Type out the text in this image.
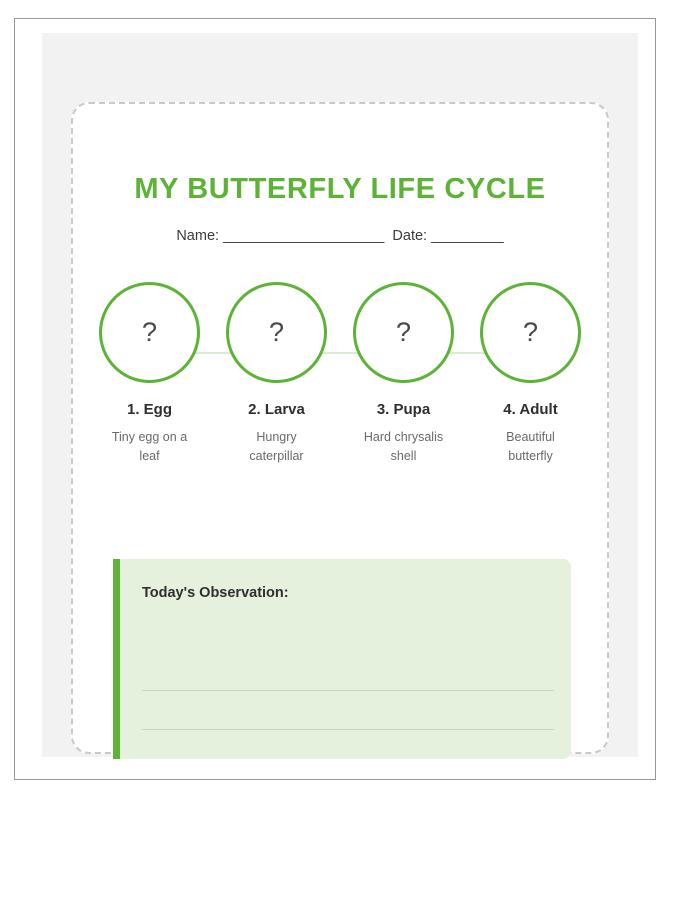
MY BUTTERFLY LIFE CYCLE
Name: ____________________  Date: _________
?
1. Egg
Tiny egg on a leaf
?
2. Larva
Hungry caterpillar
?
3. Pupa
Hard chrysalis shell
?
4. Adult
Beautiful butterfly
Today's Observation:
